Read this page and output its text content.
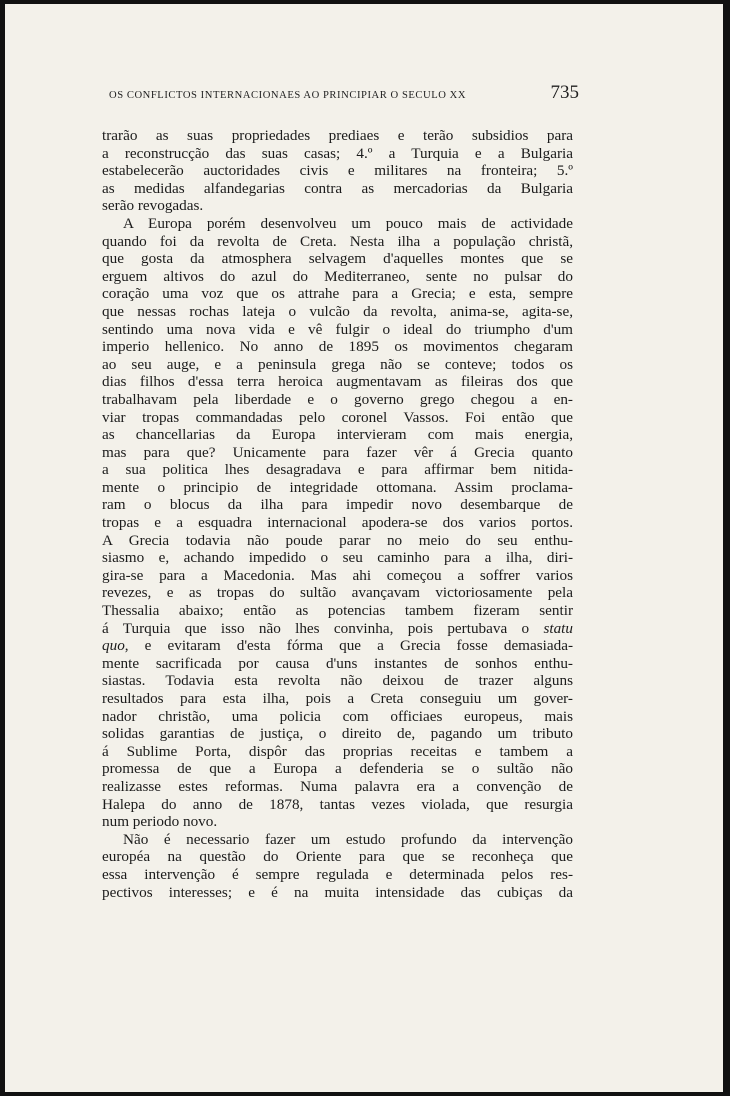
OS CONFLICTOS INTERNACIONAES AO PRINCIPIAR O SECULO XX	735
trarão as suas propriedades prediaes e terão subsidios para
a reconstrucção das suas casas; 4.º a Turquia e a Bulgaria
estabelecerão auctoridades civis e militares na fronteira; 5.º
as medidas alfandegarias contra as mercadorias da Bulgaria
serão revogadas.
A Europa porém desenvolveu um pouco mais de actividade
quando foi da revolta de Creta. Nesta ilha a população christã,
que gosta da atmosphera selvagem d'aquelles montes que se
erguem altivos do azul do Mediterraneo, sente no pulsar do
coração uma voz que os attrahe para a Grecia; e esta, sempre
que nessas rochas lateja o vulcão da revolta, anima-se, agita-se,
sentindo uma nova vida e vê fulgir o ideal do triumpho d'um
imperio hellenico. No anno de 1895 os movimentos chegaram
ao seu auge, e a peninsula grega não se conteve; todos os
dias filhos d'essa terra heroica augmentavam as fileiras dos que
trabalhavam pela liberdade e o governo grego chegou a en-
viar tropas commandadas pelo coronel Vassos. Foi então que
as chancellarias da Europa intervieram com mais energia,
mas para que? Unicamente para fazer vêr á Grecia quanto
a sua politica lhes desagradava e para affirmar bem nitida-
mente o principio de integridade ottomana. Assim proclama-
ram o blocus da ilha para impedir novo desembarque de
tropas e a esquadra internacional apodera-se dos varios portos.
A Grecia todavia não poude parar no meio do seu enthu-
siasmo e, achando impedido o seu caminho para a ilha, diri-
gira-se para a Macedonia. Mas ahi começou a soffrer varios
revezes, e as tropas do sultão avançavam victoriosamente pela
Thessalia abaixo; então as potencias tambem fizeram sentir
á Turquia que isso não lhes convinha, pois pertubava o statu
quo, e evitaram d'esta fórma que a Grecia fosse demasiada-
mente sacrificada por causa d'uns instantes de sonhos enthu-
siastas. Todavia esta revolta não deixou de trazer alguns
resultados para esta ilha, pois a Creta conseguiu um gover-
nador christão, uma policia com officiaes europeus, mais
solidas garantias de justiça, o direito de, pagando um tributo
á Sublime Porta, dispôr das proprias receitas e tambem a
promessa de que a Europa a defenderia se o sultão não
realizasse estes reformas. Numa palavra era a convenção de
Halepa do anno de 1878, tantas vezes violada, que resurgia
num periodo novo.
Não é necessario fazer um estudo profundo da intervenção
européa na questão do Oriente para que se reconheça que
essa intervenção é sempre regulada e determinada pelos res-
pectivos interesses; e é na muita intensidade das cubiças da
